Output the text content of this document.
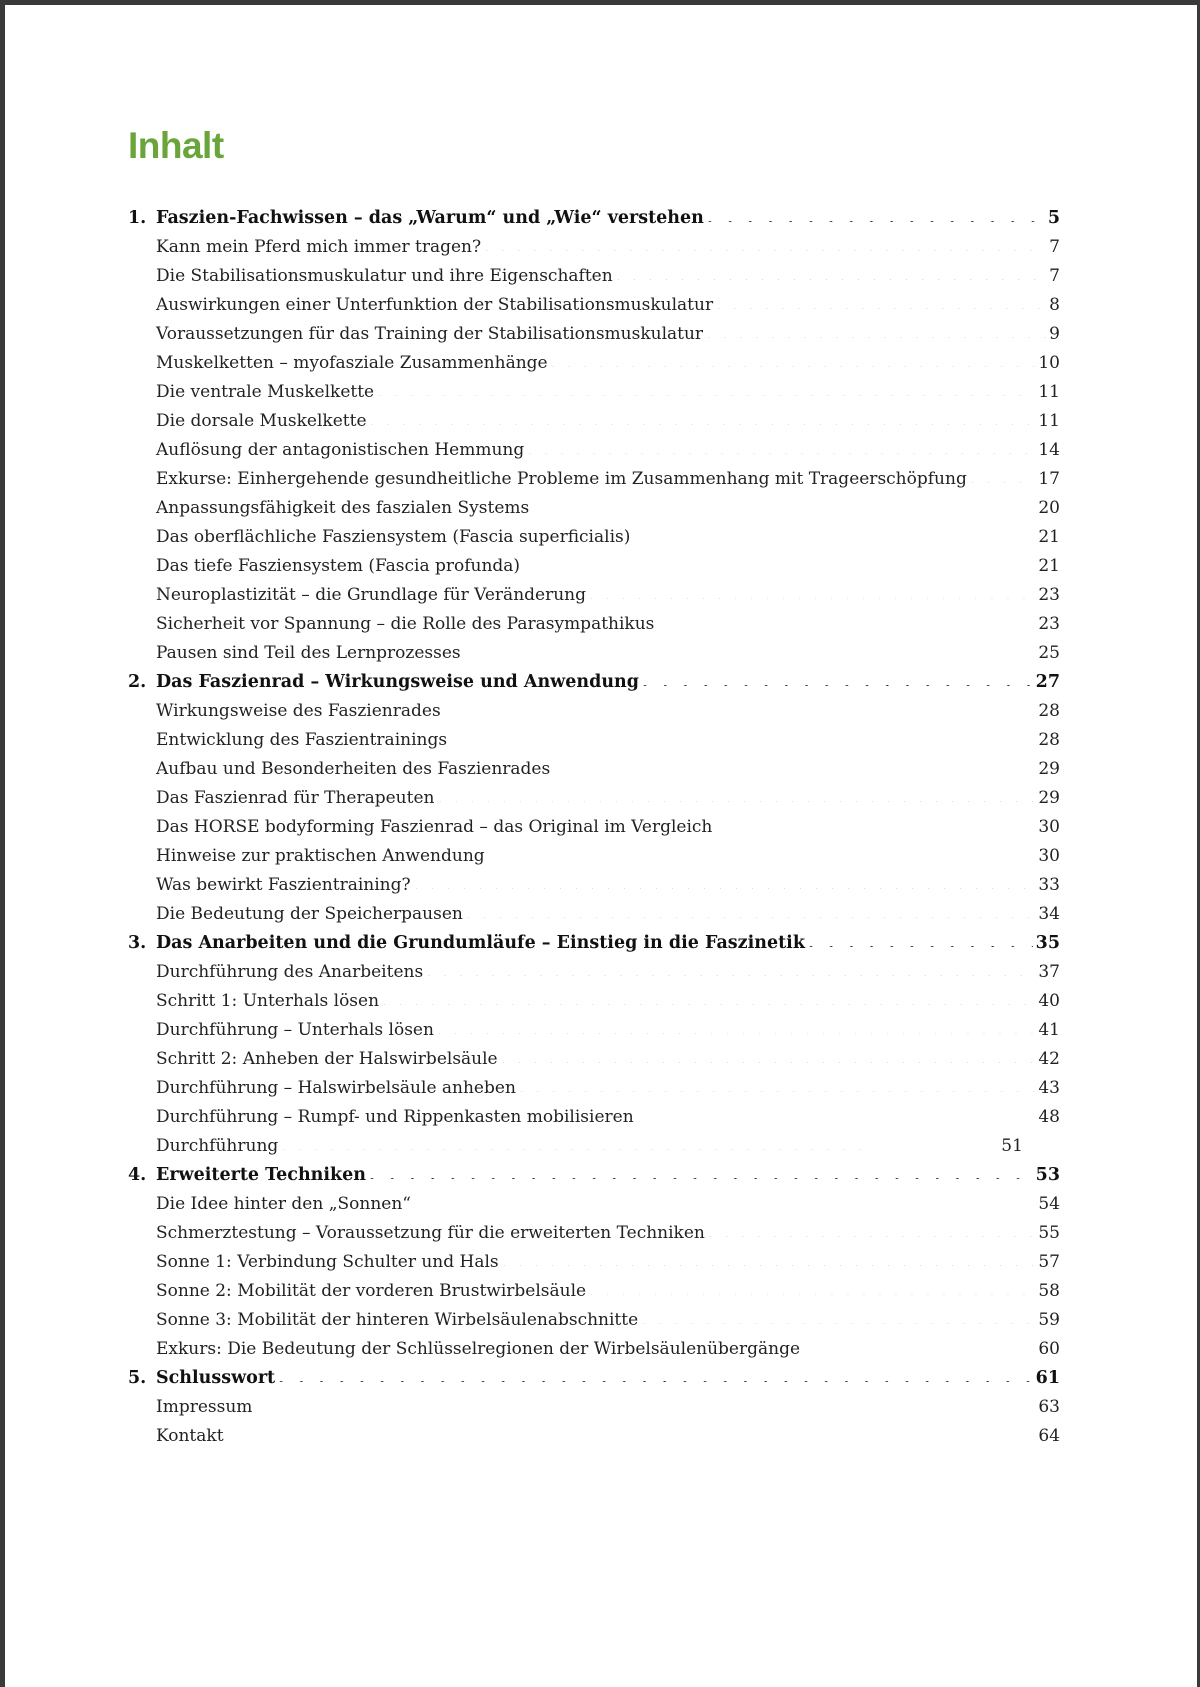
Inhalt
1. Faszien-Fachwissen – das „Warum“ und „Wie“ verstehen . . .	5
Kann mein Pferd mich immer tragen? . . .	7
Die Stabilisationsmuskulatur und ihre Eigenschaften . . .	7
Auswirkungen einer Unterfunktion der Stabilisationsmuskulatur . . .	8
Voraussetzungen für das Training der Stabilisationsmuskulatur . . .	9
Muskelketten – myofasziale Zusammenhänge . . .	10
Die ventrale Muskelkette . . .	11
Die dorsale Muskelkette . . .	11
Auflösung der antagonistischen Hemmung . . .	14
Exkurse: Einhergehende gesundheitliche Probleme im Zusammenhang mit Trageerschöpfung . . .	17
Anpassungsfähigkeit des faszialen Systems	20
Das oberflächliche Fasziensystem (Fascia superficialis)	21
Das tiefe Fasziensystem (Fascia profunda)	21
Neuroplastizität – die Grundlage für Veränderung . . .	23
Sicherheit vor Spannung – die Rolle des Parasympathikus	23
Pausen sind Teil des Lernprozesses	25
2. Das Faszienrad – Wirkungsweise und Anwendung . . .	27
Wirkungsweise des Faszienrades	28
Entwicklung des Faszientrainings	28
Aufbau und Besonderheiten des Faszienrades	29
Das Faszienrad für Therapeuten . . .	29
Das HORSE bodyforming Faszienrad – das Original im Vergleich	30
Hinweise zur praktischen Anwendung	30
Was bewirkt Faszientraining? . . .	33
Die Bedeutung der Speicherpausen . . .	34
3. Das Anarbeiten und die Grundumläufe – Einstieg in die Faszinetik . . .	35
Durchführung des Anarbeitens . . .	37
Schritt 1: Unterhals lösen . . .	40
Durchführung – Unterhals lösen . . .	41
Schritt 2: Anheben der Halswirbelsäule . . .	42
Durchführung – Halswirbelsäule anheben . . .	43
Durchführung – Rumpf- und Rippenkasten mobilisieren	48
Durchführung . . .	51
4. Erweiterte Techniken . . .	53
Die Idee hinter den „Sonnen“	54
Schmerztestung – Voraussetzung für die erweiterten Techniken . . .	55
Sonne 1: Verbindung Schulter und Hals . . .	57
Sonne 2: Mobilität der vorderen Brustwirbelsäule . . .	58
Sonne 3: Mobilität der hinteren Wirbelsäulenabschnitte . . .	59
Exkurs: Die Bedeutung der Schlüsselregionen der Wirbelsäulenübergänge	60
5. Schlusswort . . .	61
Impressum	63
Kontakt	64
